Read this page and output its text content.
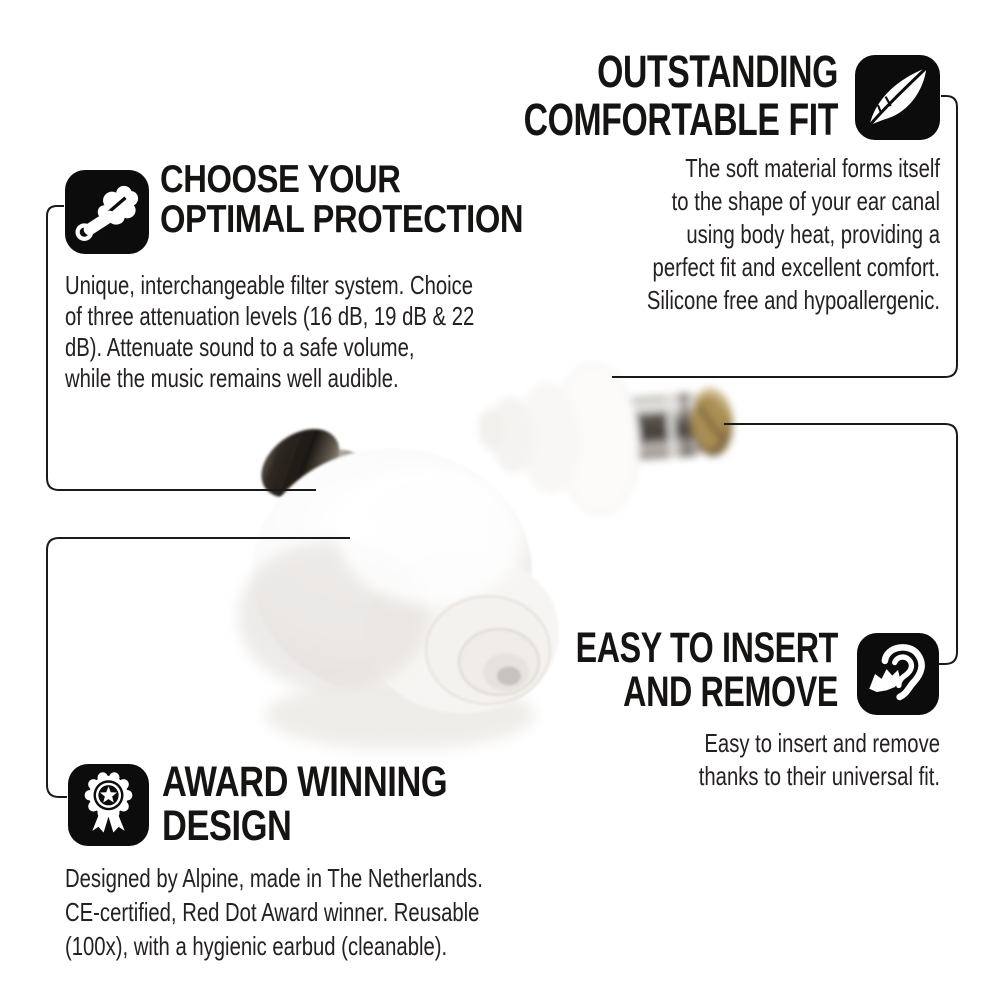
OUTSTANDING
COMFORTABLE FIT
The soft material forms itself
to the shape of your ear canal
using body heat, providing a
perfect fit and excellent comfort.
Silicone free and hypoallergenic.
CHOOSE YOUR
OPTIMAL PROTECTION
Unique, interchangeable filter system. Choice
of three attenuation levels (16 dB, 19 dB & 22
dB). Attenuate sound to a safe volume,
while the music remains well audible.
EASY TO INSERT
AND REMOVE
Easy to insert and remove
thanks to their universal fit.
AWARD WINNING
DESIGN
Designed by Alpine, made in The Netherlands.
CE-certified, Red Dot Award winner. Reusable
(100x), with a hygienic earbud (cleanable).
